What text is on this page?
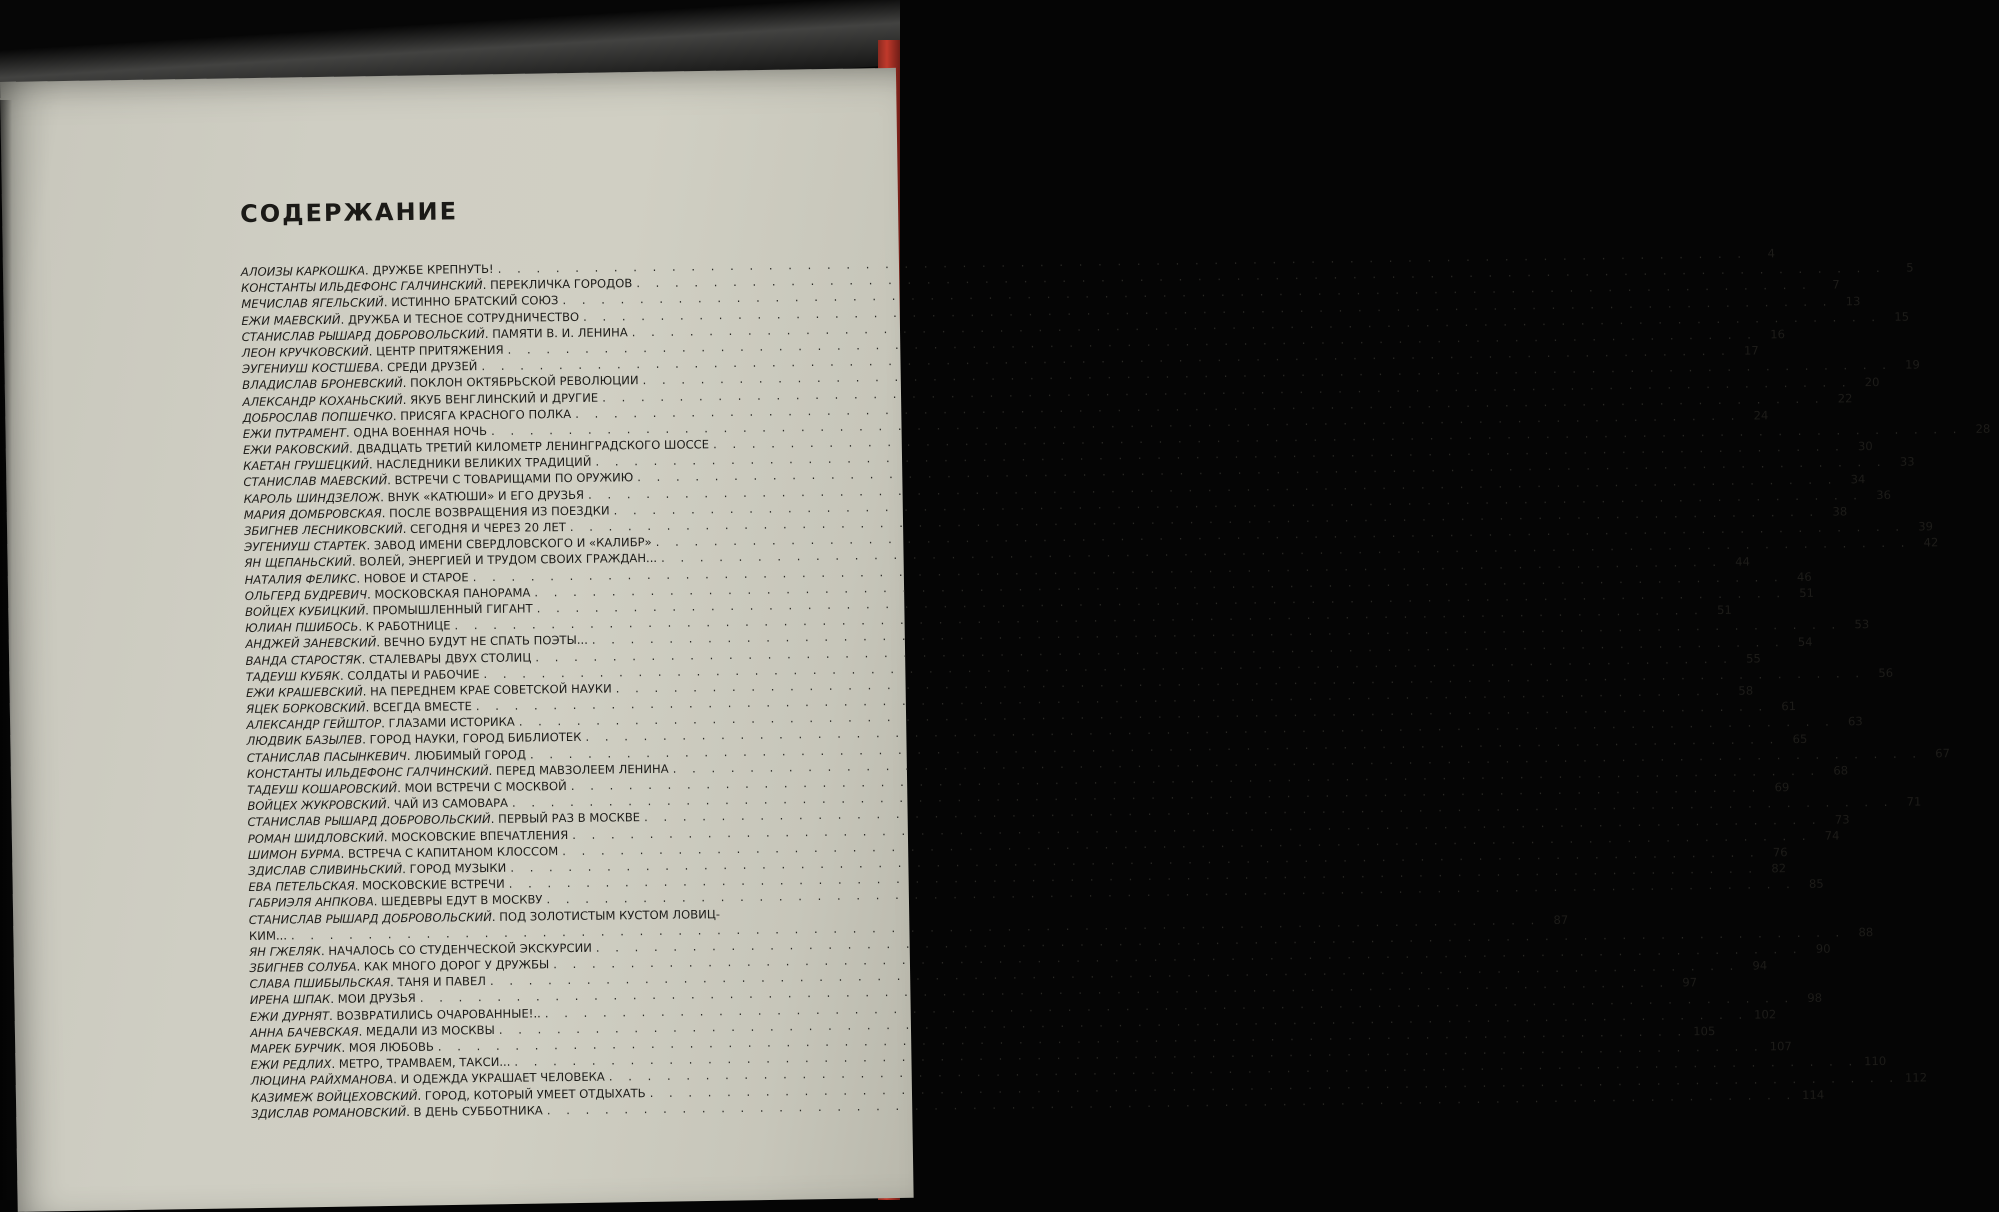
СОДЕРЖАНИЕ
АЛОИЗЫ КАРКОШКА. ДРУЖБЕ КРЕПНУТЬ!
. . .
4
КОНСТАНТЫ ИЛЬДЕФОНС ГАЛЧИНСКИЙ. ПЕРЕКЛИЧКА ГОРОДОВ
. . .
5
МЕЧИСЛАВ ЯГЕЛЬСКИЙ. ИСТИННО БРАТСКИЙ СОЮЗ
. . .
7
ЕЖИ МАЕВСКИЙ. ДРУЖБА И ТЕСНОЕ СОТРУДНИЧЕСТВО
. . .
13
СТАНИСЛАВ РЫШАРД ДОБРОВОЛЬСКИЙ. ПАМЯТИ В. И. ЛЕНИНА
. . .
15
ЛЕОН КРУЧКОВСКИЙ. ЦЕНТР ПРИТЯЖЕНИЯ
. . .
16
ЭУГЕНИУШ КОСТШЕВА. СРЕДИ ДРУЗЕЙ
. . .
17
ВЛАДИСЛАВ БРОНЕВСКИЙ. ПОКЛОН ОКТЯБРЬСКОЙ РЕВОЛЮЦИИ
. . .
19
АЛЕКСАНДР КОХАНЬСКИЙ. ЯКУБ ВЕНГЛИНСКИЙ И ДРУГИЕ
. . .
20
ДОБРОСЛАВ ПОПШЕЧКО. ПРИСЯГА КРАСНОГО ПОЛКА
. . .
22
ЕЖИ ПУТРАМЕНТ. ОДНА ВОЕННАЯ НОЧЬ
. . .
24
ЕЖИ РАКОВСКИЙ. ДВАДЦАТЬ ТРЕТИЙ КИЛОМЕТР ЛЕНИНГРАДСКОГО ШОССЕ
. . .
28
КАЕТАН ГРУШЕЦКИЙ. НАСЛЕДНИКИ ВЕЛИКИХ ТРАДИЦИЙ
. . .
30
СТАНИСЛАВ МАЕВСКИЙ. ВСТРЕЧИ С ТОВАРИЩАМИ ПО ОРУЖИЮ
. . .
33
КАРОЛЬ ШИНДЗЕЛОЖ. ВНУК «КАТЮШИ» И ЕГО ДРУЗЬЯ
. . .
34
МАРИЯ ДОМБРОВСКАЯ. ПОСЛЕ ВОЗВРАЩЕНИЯ ИЗ ПОЕЗДКИ
. . .
36
ЗБИГНЕВ ЛЕСНИКОВСКИЙ. СЕГОДНЯ И ЧЕРЕЗ 20 ЛЕТ
. . .
38
ЭУГЕНИУШ СТАРТЕК. ЗАВОД ИМЕНИ СВЕРДЛОВСКОГО И «КАЛИБР»
. . .
39
ЯН ЩЕПАНЬСКИЙ. ВОЛЕЙ, ЭНЕРГИЕЙ И ТРУДОМ СВОИХ ГРАЖДАН...
. . .
42
НАТАЛИЯ ФЕЛИКС. НОВОЕ И СТАРОЕ
. . .
44
ОЛЬГЕРД БУДРЕВИЧ. МОСКОВСКАЯ ПАНОРАМА
. . .
46
ВОЙЦЕХ КУБИЦКИЙ. ПРОМЫШЛЕННЫЙ ГИГАНТ
. . .
51
ЮЛИАН ПШИБОСЬ. К РАБОТНИЦЕ
. . .
51
АНДЖЕЙ ЗАНЕВСКИЙ. ВЕЧНО БУДУТ НЕ СПАТЬ ПОЭТЫ...
. . .
53
ВАНДА СТАРОСТЯК. СТАЛЕВАРЫ ДВУХ СТОЛИЦ
. . .
54
ТАДЕУШ КУБЯК. СОЛДАТЫ И РАБОЧИЕ
. . .
55
ЕЖИ КРАШЕВСКИЙ. НА ПЕРЕДНЕМ КРАЕ СОВЕТСКОЙ НАУКИ
. . .
56
ЯЦЕК БОРКОВСКИЙ. ВСЕГДА ВМЕСТЕ
. . .
58
АЛЕКСАНДР ГЕЙШТОР. ГЛАЗАМИ ИСТОРИКА
. . .
61
ЛЮДВИК БАЗЫЛЕВ. ГОРОД НАУКИ, ГОРОД БИБЛИОТЕК
. . .
63
СТАНИСЛАВ ПАСЫНКЕВИЧ. ЛЮБИМЫЙ ГОРОД
. . .
65
КОНСТАНТЫ ИЛЬДЕФОНС ГАЛЧИНСКИЙ. ПЕРЕД МАВЗОЛЕЕМ ЛЕНИНА
. . .
67
ТАДЕУШ КОШАРОВСКИЙ. МОИ ВСТРЕЧИ С МОСКВОЙ
. . .
68
ВОЙЦЕХ ЖУКРОВСКИЙ. ЧАЙ ИЗ САМОВАРА
. . .
69
СТАНИСЛАВ РЫШАРД ДОБРОВОЛЬСКИЙ. ПЕРВЫЙ РАЗ В МОСКВЕ
. . .
71
РОМАН ШИДЛОВСКИЙ. МОСКОВСКИЕ ВПЕЧАТЛЕНИЯ
. . .
73
ШИМОН БУРМА. ВСТРЕЧА С КАПИТАНОМ КЛОССОМ
. . .
74
ЗДИСЛАВ СЛИВИНЬСКИЙ. ГОРОД МУЗЫКИ
. . .
76
ЕВА ПЕТЕЛЬСКАЯ. МОСКОВСКИЕ ВСТРЕЧИ
. . .
82
ГАБРИЭЛЯ АНПКОВА. ШЕДЕВРЫ ЕДУТ В МОСКВУ
. . .
85
СТАНИСЛАВ РЫШАРД ДОБРОВОЛЬСКИЙ. ПОД ЗОЛОТИСТЫМ КУСТОМ ЛОВИЦ-
КИМ...
. . .
87
ЯН ГЖЕЛЯК. НАЧАЛОСЬ СО СТУДЕНЧЕСКОЙ ЭКСКУРСИИ
. . .
88
ЗБИГНЕВ СОЛУБА. КАК МНОГО ДОРОГ У ДРУЖБЫ
. . .
90
СЛАВА ПШИБЫЛЬСКАЯ. ТАНЯ И ПАВЕЛ
. . .
94
ИРЕНА ШПАК. МОИ ДРУЗЬЯ
. . .
97
ЕЖИ ДУРНЯТ. ВОЗВРАТИЛИСЬ ОЧАРОВАННЫЕ!..
. . .
98
АННА БАЧЕВСКАЯ. МЕДАЛИ ИЗ МОСКВЫ
. . .
102
МАРЕК БУРЧИК. МОЯ ЛЮБОВЬ
. . .
105
ЕЖИ РЕДЛИХ. МЕТРО, ТРАМВАЕМ, ТАКСИ...
. . .
107
ЛЮЦИНА РАЙХМАНОВА. И ОДЕЖДА УКРАШАЕТ ЧЕЛОВЕКА
. . .
110
КАЗИМЕЖ ВОЙЦЕХОВСКИЙ. ГОРОД, КОТОРЫЙ УМЕЕТ ОТДЫХАТЬ
. . .
112
ЗДИСЛАВ РОМАНОВСКИЙ. В ДЕНЬ СУББОТНИКА
. . .
114
